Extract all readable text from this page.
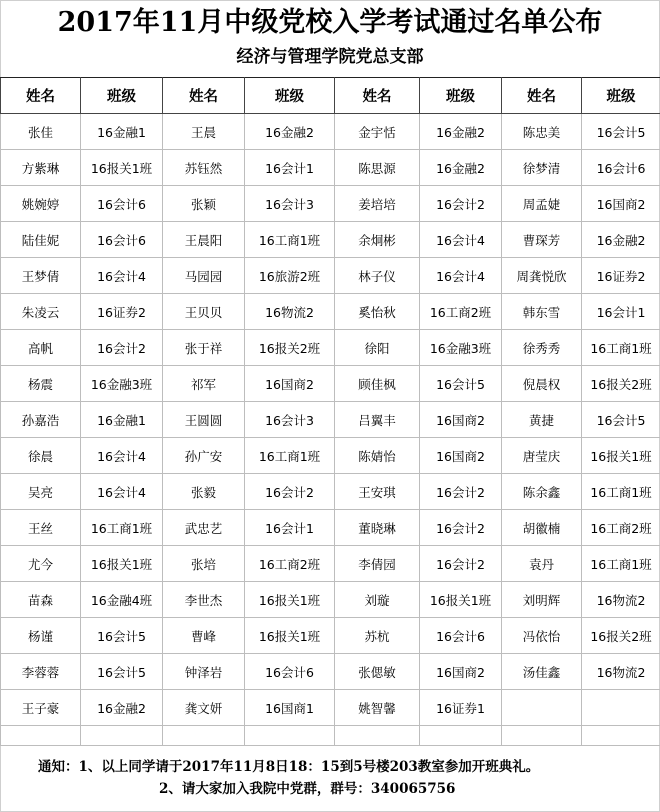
2017年11月中级党校入学考试通过名单公布
经济与管理学院党总支部
姓名	班级	姓名	班级	姓名	班级	姓名	班级
张佳	16金融1	王晨	16金融2	金宇恬	16金融2	陈忠美	16会计5
方紫琳	16报关1班	苏钰然	16会计1	陈思源	16金融2	徐梦清	16会计6
姚婉婷	16会计6	张颖	16会计3	姜培培	16会计2	周孟婕	16国商2
陆佳妮	16会计6	王晨阳	16工商1班	余炯彬	16会计4	曹琛芳	16金融2
王梦倩	16会计4	马园园	16旅游2班	林子仪	16会计4	周龚悦欣	16证券2
朱凌云	16证券2	王贝贝	16物流2	奚怡秋	16工商2班	韩东雪	16会计1
高帆	16会计2	张于祥	16报关2班	徐阳	16金融3班	徐秀秀	16工商1班
杨震	16金融3班	祁军	16国商2	顾佳枫	16会计5	倪晨权	16报关2班
孙嘉浩	16金融1	王圆圆	16会计3	吕翼丰	16国商2	黄捷	16会计5
徐晨	16会计4	孙广安	16工商1班	陈婧怡	16国商2	唐莹庆	16报关1班
吴亮	16会计4	张毅	16会计2	王安琪	16会计2	陈余鑫	16工商1班
王丝	16工商1班	武忠艺	16会计1	董晓琳	16会计2	胡徽楠	16工商2班
尤今	16报关1班	张培	16工商2班	李倩园	16会计2	袁丹	16工商1班
苗森	16金融4班	李世杰	16报关1班	刘璇	16报关1班	刘明辉	16物流2
杨谨	16会计5	曹峰	16报关1班	苏杭	16会计6	冯依怡	16报关2班
李蓉蓉	16会计5	钟泽岩	16会计6	张偲敏	16国商2	汤佳鑫	16物流2
王子豪	16金融2	龚文妍	16国商1	姚智馨	16证券1		

通知：1、以上同学请于2017年11月8日18：15到5号楼203教室参加开班典礼。
2、请大家加入我院中党群，群号：340065756
